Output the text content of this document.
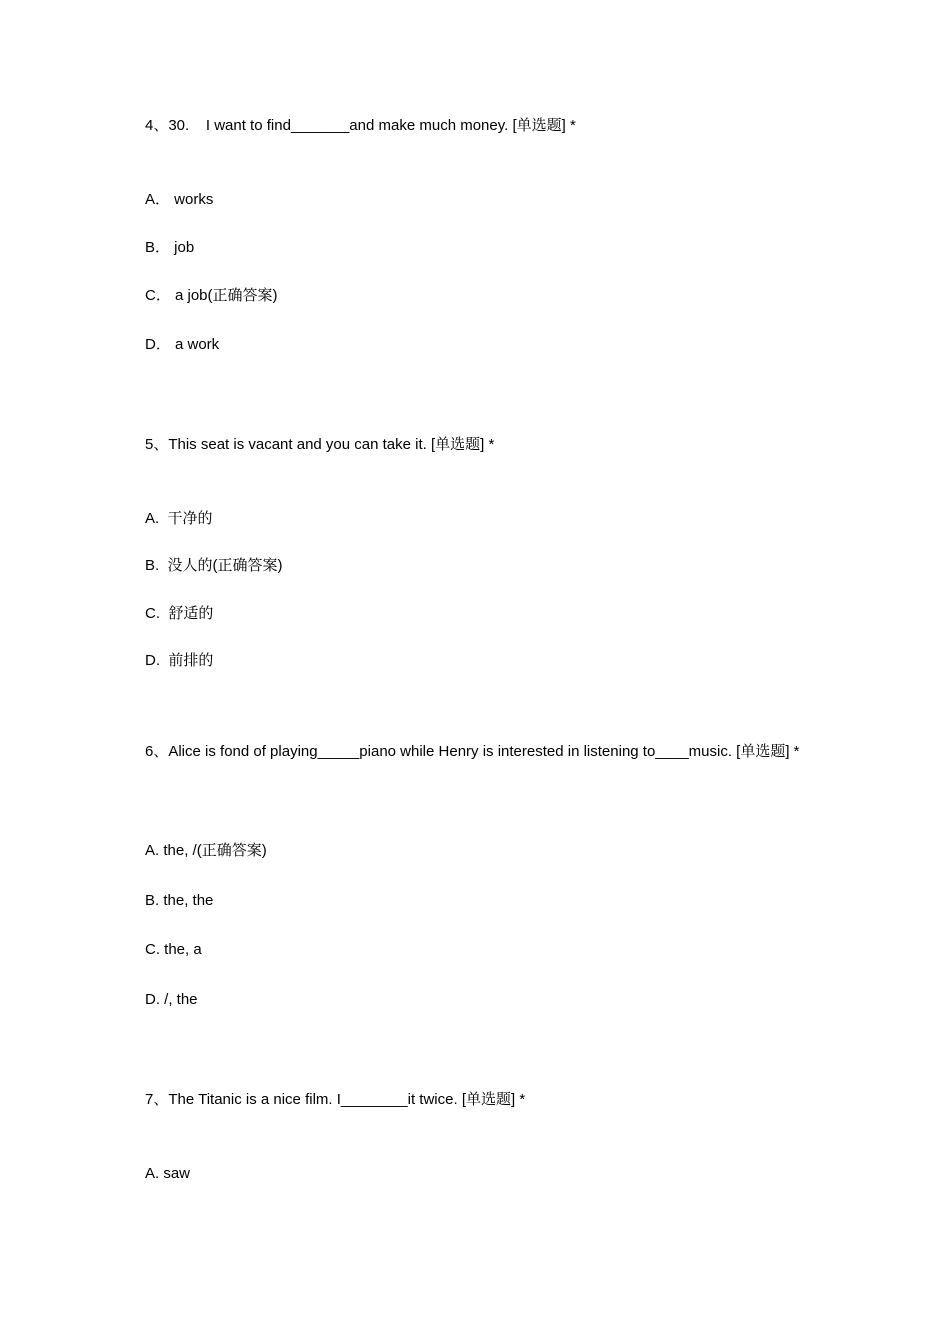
4、30.    I want to find_______and make much money. [单选题] *
A． works
B． job
C． a job(正确答案)
D． a work
5、This seat is vacant and you can take it. [单选题] *
A.  干净的
B.  没人的(正确答案)
C.  舒适的
D.  前排的
6、Alice is fond of playing_____piano while Henry is interested in listening to____music. [单选题] *
A. the, /(正确答案)
B. the, the
C. the, a
D. /, the
7、The Titanic is a nice film. I________it twice. [单选题] *
A. saw
